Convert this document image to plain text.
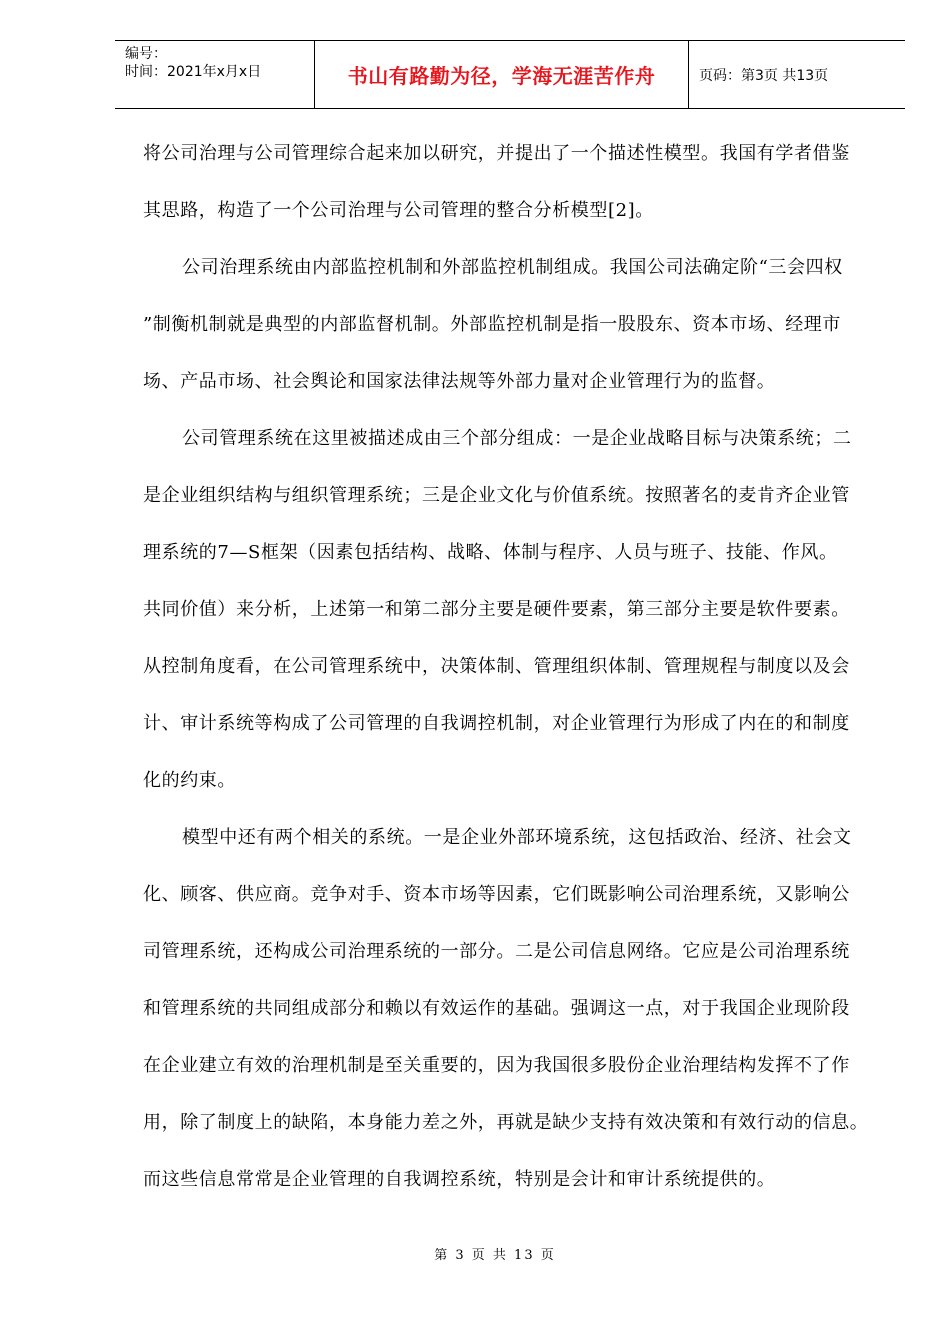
编号：
时间：2021年x月x日	书山有路勤为径，学海无涯苦作舟	页码：第3页 共13页

将公司治理与公司管理综合起来加以研究，并提出了一个描述性模型。我国有学者借鉴

其思路，构造了一个公司治理与公司管理的整合分析模型[2]。

公司治理系统由内部监控机制和外部监控机制组成。我国公司法确定阶“三会四权

”制衡机制就是典型的内部监督机制。外部监控机制是指一股股东、资本市场、经理市

场、产品市场、社会舆论和国家法律法规等外部力量对企业管理行为的监督。

公司管理系统在这里被描述成由三个部分组成：一是企业战略目标与决策系统；二

是企业组织结构与组织管理系统；三是企业文化与价值系统。按照著名的麦肯齐企业管

理系统的7—S框架（因素包括结构、战略、体制与程序、人员与班子、技能、作风。

共同价值）来分析，上述第一和第二部分主要是硬件要素，第三部分主要是软件要素。

从控制角度看，在公司管理系统中，决策体制、管理组织体制、管理规程与制度以及会

计、审计系统等构成了公司管理的自我调控机制，对企业管理行为形成了内在的和制度

化的约束。

模型中还有两个相关的系统。一是企业外部环境系统，这包括政治、经济、社会文

化、顾客、供应商。竞争对手、资本市场等因素，它们既影响公司治理系统，又影响公

司管理系统，还构成公司治理系统的一部分。二是公司信息网络。它应是公司治理系统

和管理系统的共同组成部分和赖以有效运作的基础。强调这一点，对于我国企业现阶段

在企业建立有效的治理机制是至关重要的，因为我国很多股份企业治理结构发挥不了作

用，除了制度上的缺陷，本身能力差之外，再就是缺少支持有效决策和有效行动的信息。

而这些信息常常是企业管理的自我调控系统，特别是会计和审计系统提供的。

第 3 页 共 13 页
